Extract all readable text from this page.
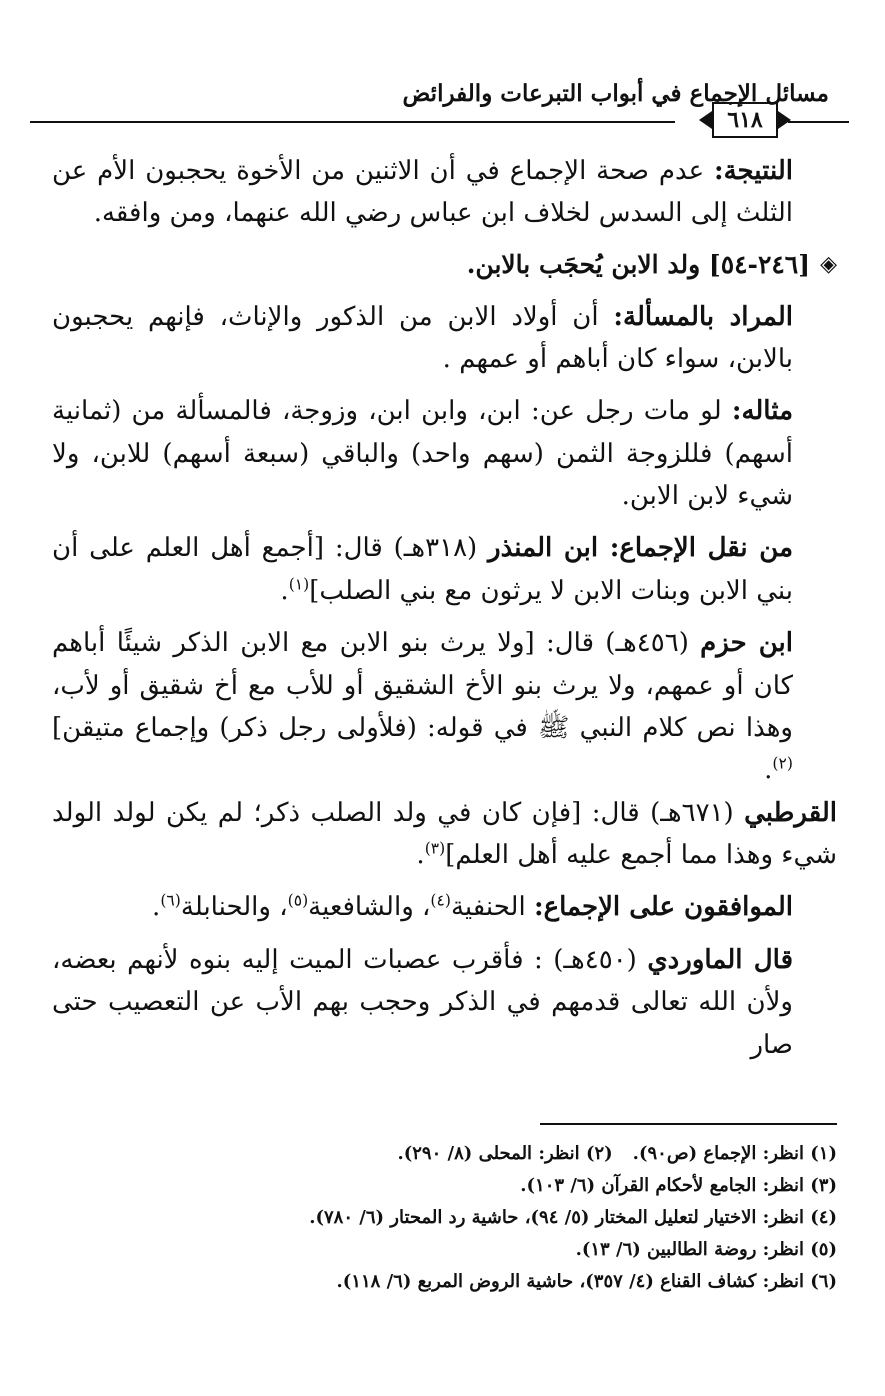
مسائل الإجماع في أبواب التبرعات والفرائض
٦١٨

النتيجة: عدم صحة الإجماع في أن الاثنين من الأخوة يحجبون الأم عن الثلث إلى السدس لخلاف ابن عباس رضي الله عنهما، ومن وافقه.

◈
[٢٤٦-٥٤] ولد الابن يُحجَب بالابن.

المراد بالمسألة: أن أولاد الابن من الذكور والإناث، فإنهم يحجبون بالابن، سواء كان أباهم أو عمهم .

مثاله: لو مات رجل عن: ابن، وابن ابن، وزوجة، فالمسألة من (ثمانية أسهم) فللزوجة الثمن (سهم واحد) والباقي (سبعة أسهم) للابن، ولا شيء لابن الابن.

من نقل الإجماع: ابن المنذر (٣١٨هـ) قال: [أجمع أهل العلم على أن بني الابن وبنات الابن لا يرثون مع بني الصلب]$^{(١)}$.

ابن حزم (٤٥٦هـ) قال: [ولا يرث بنو الابن مع الابن الذكر شيئًا أباهم كان أو عمهم، ولا يرث بنو الأخ الشقيق أو للأب مع أخ شقيق أو لأب، وهذا نص كلام النبي ﷺ في قوله: (فلأولى رجل ذكر) وإجماع متيقن]$^{(٢)}$.

القرطبي (٦٧١هـ) قال: [فإن كان في ولد الصلب ذكر؛ لم يكن لولد الولد شيء وهذا مما أجمع عليه أهل العلم]$^{(٣)}$.

الموافقون على الإجماع: الحنفية$^{(٤)}$، والشافعية$^{(٥)}$، والحنابلة$^{(٦)}$.

قال الماوردي (٤٥٠هـ) : فأقرب عصبات الميت إليه بنوه لأنهم بعضه، ولأن الله تعالى قدمهم في الذكر وحجب بهم الأب عن التعصيب حتى صار

(١) انظر: الإجماع (ص٩٠).
(٢) انظر: المحلى (٨/ ٢٩٠).
(٣) انظر: الجامع لأحكام القرآن (٦/ ١٠٣).
(٤) انظر: الاختيار لتعليل المختار (٥/ ٩٤)، حاشية رد المحتار (٦/ ٧٨٠).
(٥) انظر: روضة الطالبين (٦/ ١٣).
(٦) انظر: كشاف القناع (٤/ ٣٥٧)، حاشية الروض المربع (٦/ ١١٨).
